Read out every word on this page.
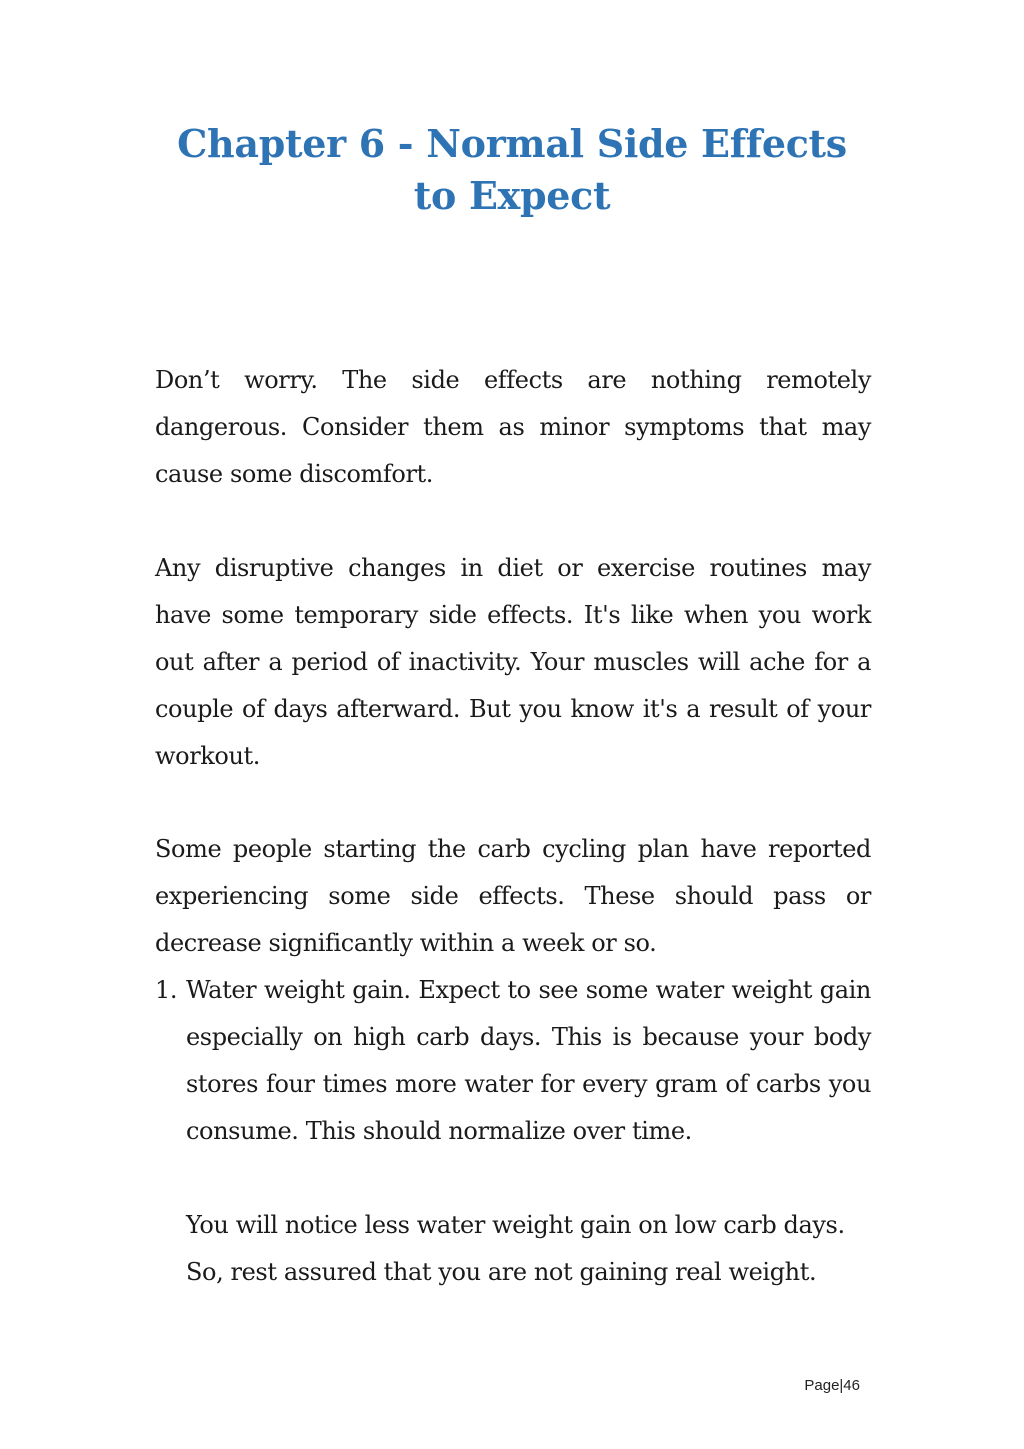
Chapter 6 - Normal Side Effects
to Expect

Don’t worry. The side effects are nothing remotely dangerous. Consider them as minor symptoms that may cause some discomfort.

Any disruptive changes in diet or exercise routines may have some temporary side effects. It's like when you work out after a period of inactivity. Your muscles will ache for a couple of days afterward. But you know it's a result of your workout.

Some people starting the carb cycling plan have reported experiencing some side effects. These should pass or decrease significantly within a week or so.

1. Water weight gain. Expect to see some water weight gain especially on high carb days. This is because your body stores four times more water for every gram of carbs you consume. This should normalize over time.
You will notice less water weight gain on low carb days. So, rest assured that you are not gaining real weight.
Page|46
